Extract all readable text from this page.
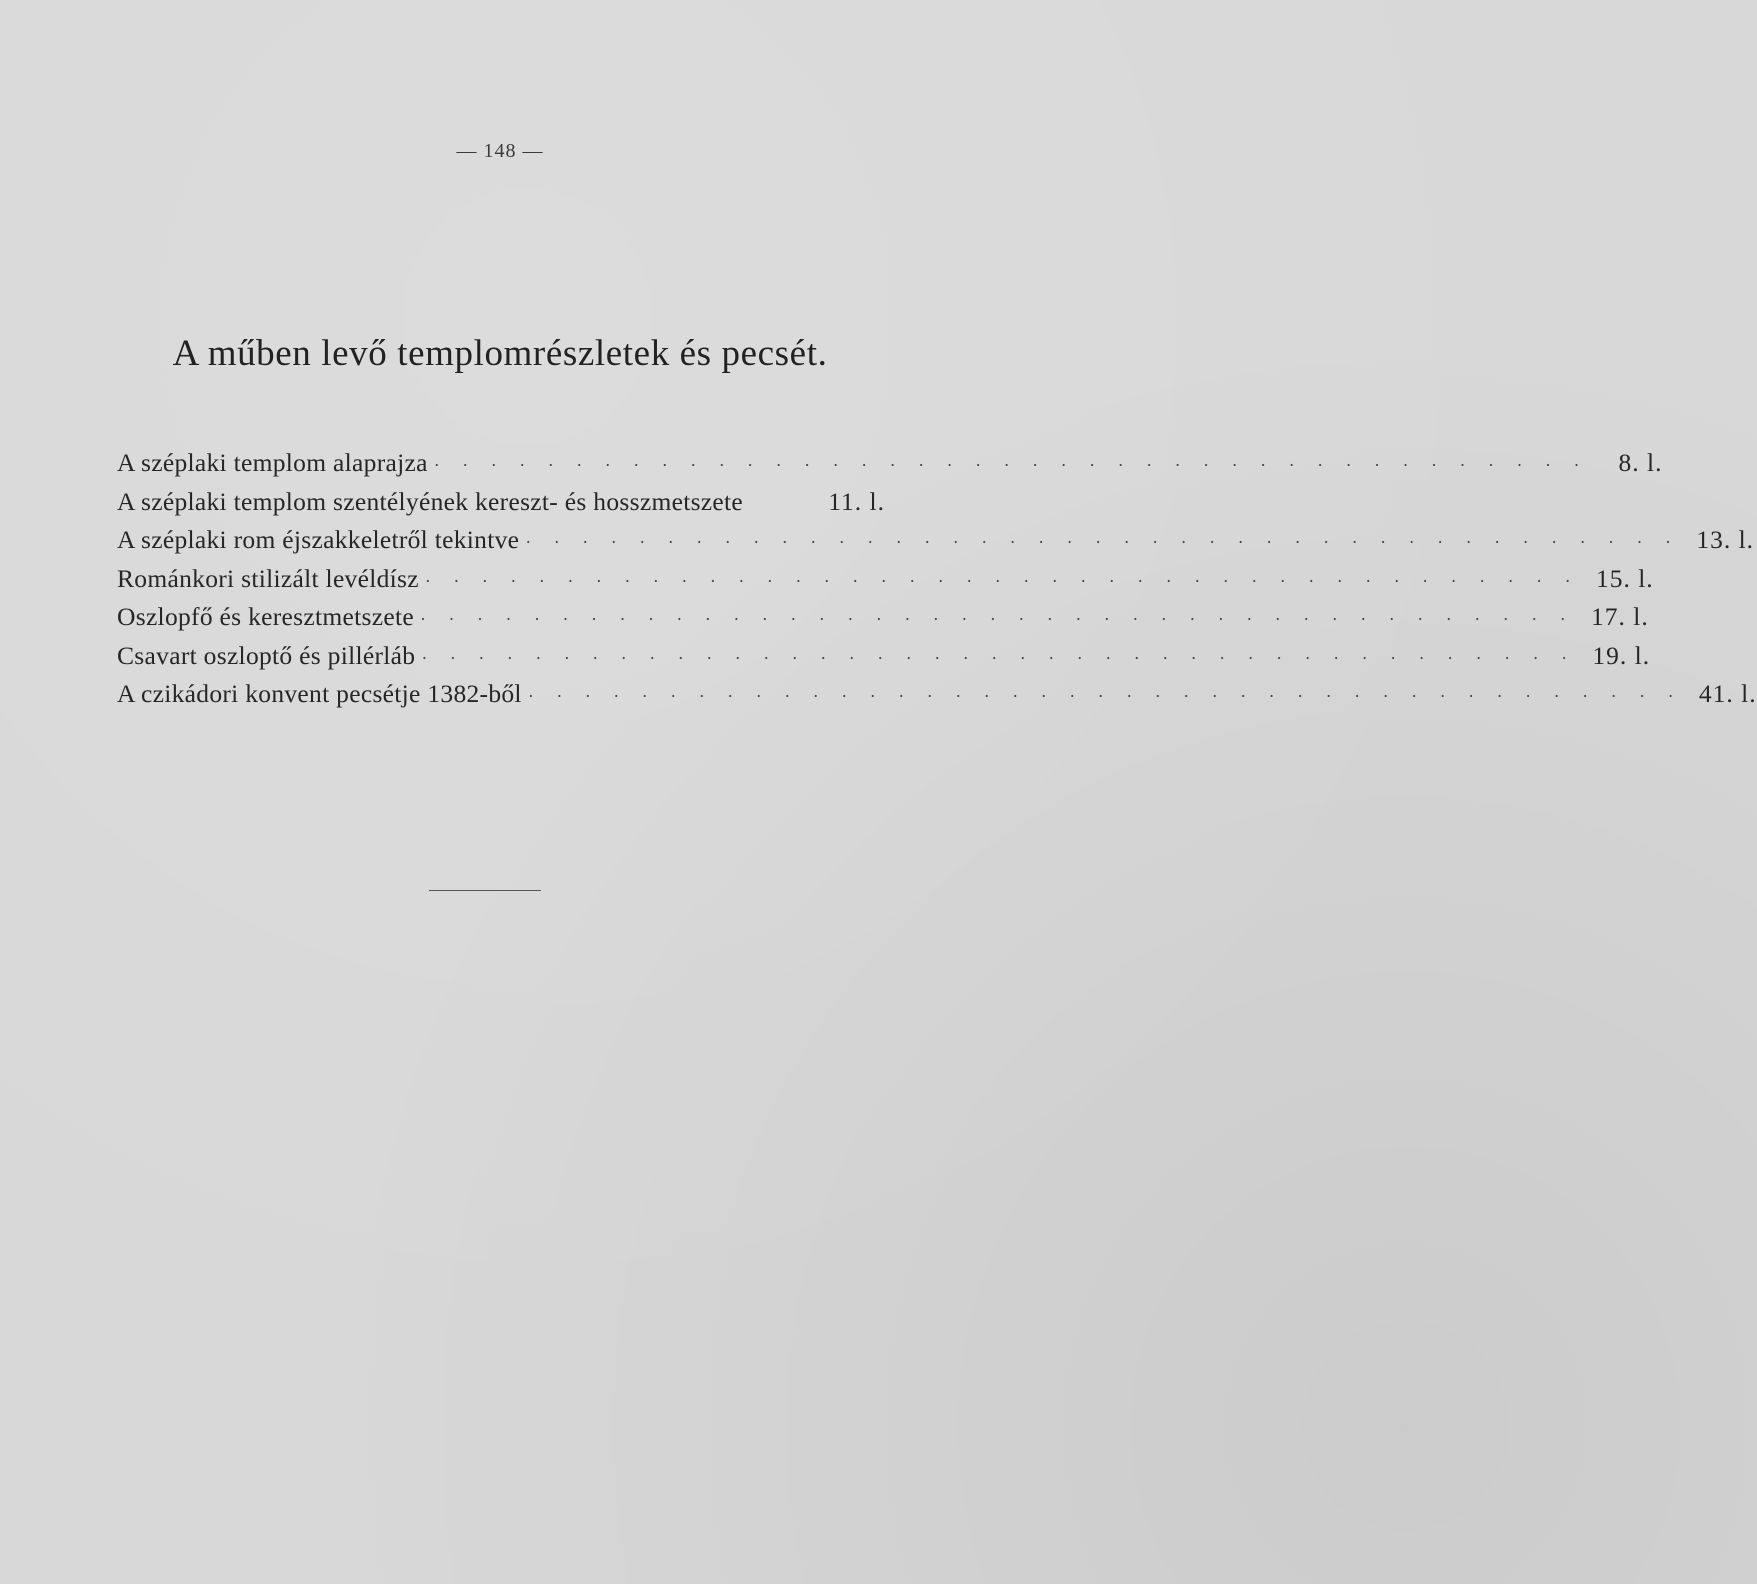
— 148 —
A műben levő templomrészletek és pecsét.
A széplaki templom alaprajza · · · · · · · · · · · · · · · · · · · · · · · · · · · · · · · · · · · · · · · · ·	8. l.
A széplaki templom szentélyének kereszt- és hosszmetszete	11. l.
A széplaki rom éjszakkeletről tekintve · · · · · · · · · · · · · · · · · · · · · · · · · · · · · · · · · · · · · · · · · 13. l.
Románkori stilizált levéldísz · · · · · · · · · · · · · · · · · · · · · · · · · · · · · · · · · · · · · · · · · 15. l.
Oszlopfő és keresztmetszete · · · · · · · · · · · · · · · · · · · · · · · · · · · · · · · · · · · · · · · · · 17. l.
Csavart oszloptő és pillérláb · · · · · · · · · · · · · · · · · · · · · · · · · · · · · · · · · · · · · · · · · 19. l.
A czikádori konvent pecsétje 1382-ből · · · · · · · · · · · · · · · · · · · · · · · · · · · · · · · · · · · · · · · · · 41. l.
